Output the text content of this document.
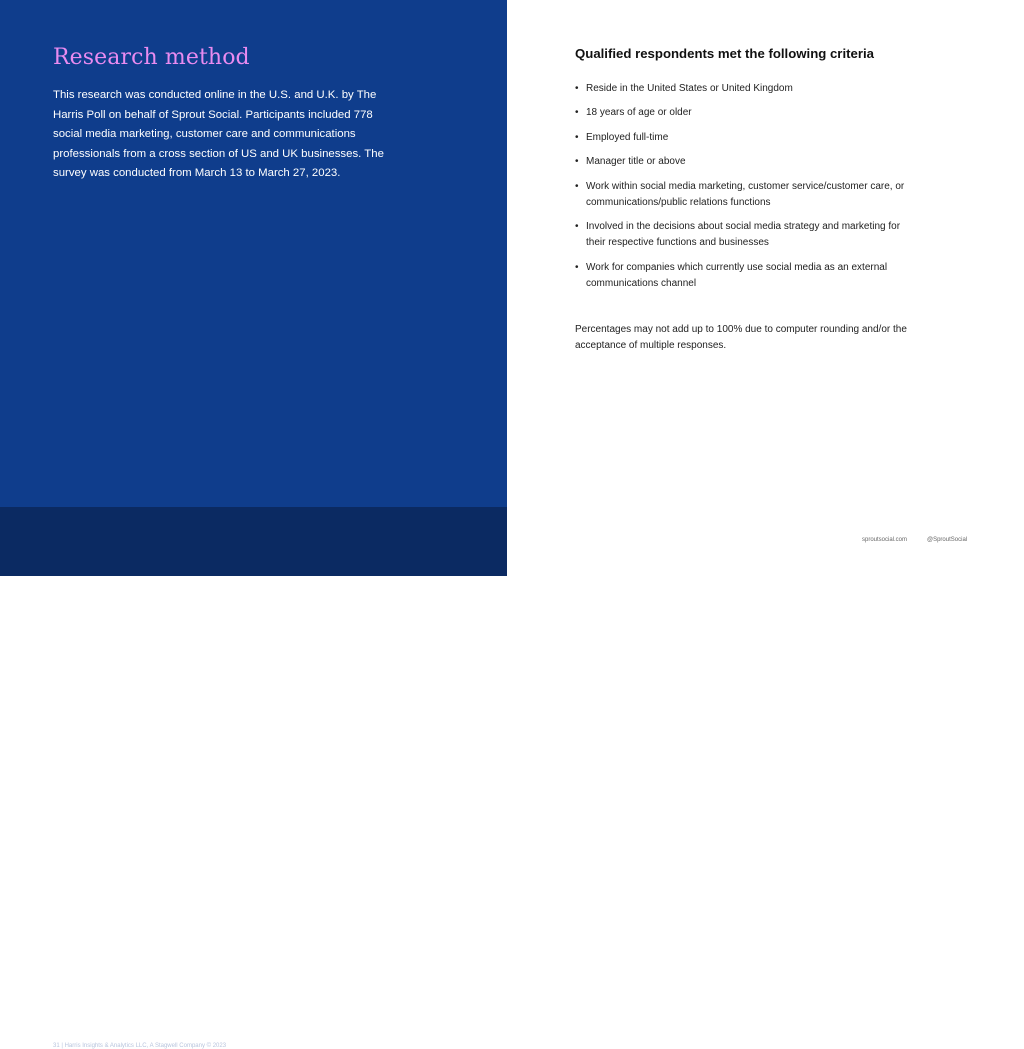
Research method

This research was conducted online in the U.S. and U.K. by The Harris Poll on behalf of Sprout Social. Participants included 778 social media marketing, customer care and communications professionals from a cross section of US and UK businesses. The survey was conducted from March 13 to March 27, 2023.

31 | Harris Insights & Analytics LLC, A Stagwell Company © 2023

Qualified respondents met the following criteria
• Reside in the United States or United Kingdom
• 18 years of age or older
• Employed full-time
• Manager title or above
• Work within social media marketing, customer service/customer care, or communications/public relations functions
• Involved in the decisions about social media strategy and marketing for their respective functions and businesses
• Work for companies which currently use social media as an external communications channel

Percentages may not add up to 100% due to computer rounding and/or the acceptance of multiple responses.

sproutsocial.com	@SproutSocial
